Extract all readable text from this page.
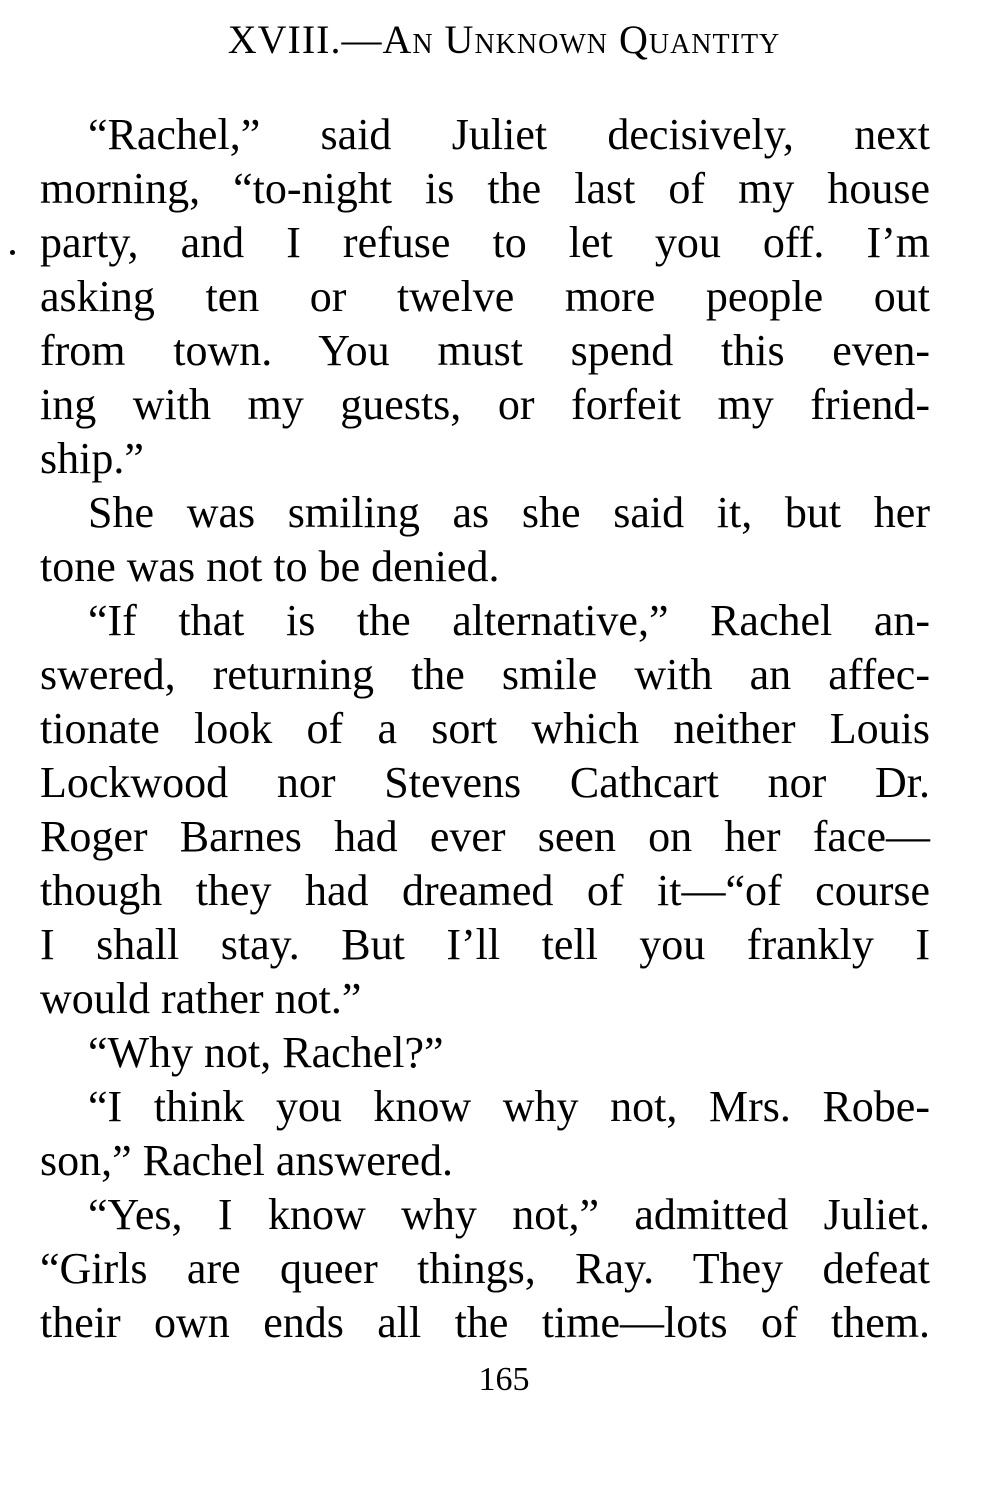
XVIII.—An Unknown Quantity
“Rachel,” said Juliet decisively, next
morning, “to-night is the last of my house
party, and I refuse to let you off. I’m
asking ten or twelve more people out
from town. You must spend this even-
ing with my guests, or forfeit my friend-
ship.”
She was smiling as she said it, but her
tone was not to be denied.
“If that is the alternative,” Rachel an-
swered, returning the smile with an affec-
tionate look of a sort which neither Louis
Lockwood nor Stevens Cathcart nor Dr.
Roger Barnes had ever seen on her face—
though they had dreamed of it—“of course
I shall stay. But I’ll tell you frankly I
would rather not.”
“Why not, Rachel?”
“I think you know why not, Mrs. Robe-
son,” Rachel answered.
“Yes, I know why not,” admitted Juliet.
“Girls are queer things, Ray. They defeat
their own ends all the time—lots of them.
165
